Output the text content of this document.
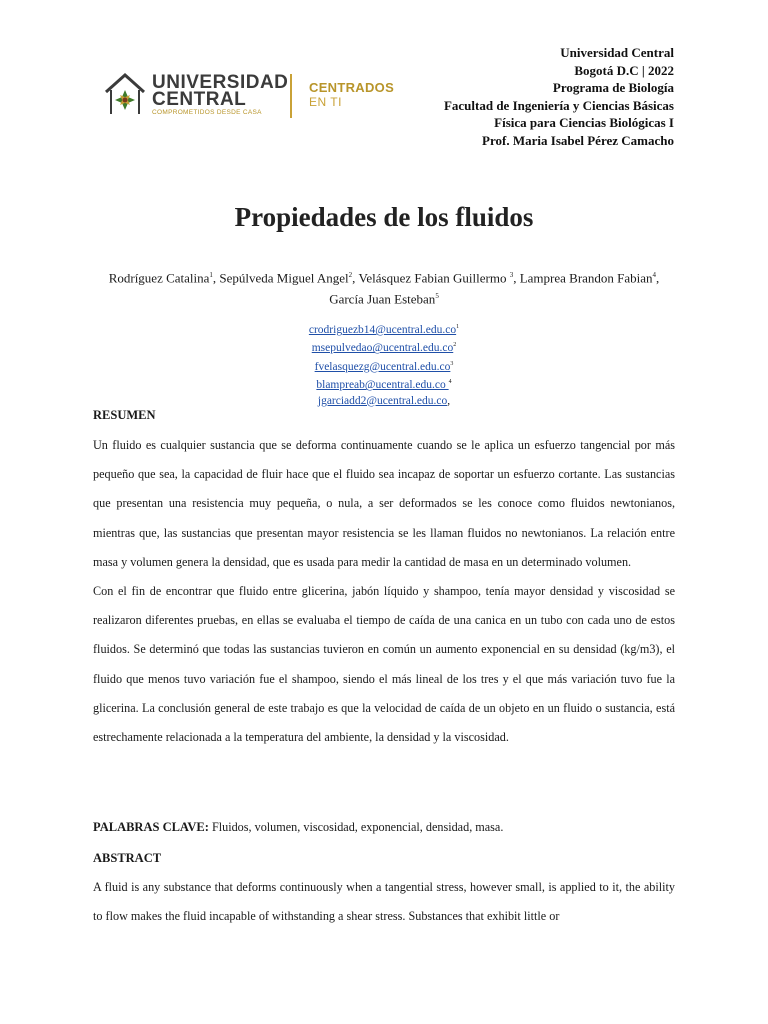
UNIVERSIDAD
CENTRAL
COMPROMETIDOS DESDE CASA
CENTRADOS
EN TI
Universidad Central
Bogotá D.C | 2022
Programa de Biología
Facultad de Ingeniería y Ciencias Básicas
Física para Ciencias Biológicas I
Prof. Maria Isabel Pérez Camacho
Propiedades de los fluidos
Rodríguez Catalina$^1$, Sepúlveda Miguel Angel$^2$, Velásquez Fabian Guillermo $^3$, Lamprea Brandon Fabian$^4$, García Juan Esteban$^5$
$crodriguezb14@ucentral.edu.co^1$
$msepulvedao@ucentral.edu.co^2$
$fvelasquezg@ucentral.edu.co^3$
blampreab@ucentral.edu.co $^4$
jgarciadd2@ucentral.edu.co,
RESUMEN

Un fluido es cualquier sustancia que se deforma continuamente cuando se le aplica un esfuerzo tangencial por más pequeño que sea, la capacidad de fluir hace que el fluido sea incapaz de soportar un esfuerzo cortante. Las sustancias que presentan una resistencia muy pequeña, o nula, a ser deformados se les conoce como fluidos newtonianos, mientras que, las sustancias que presentan mayor resistencia se les llaman fluidos no newtonianos. La relación entre masa y volumen genera la densidad, que es usada para medir la cantidad de masa en un determinado volumen.

Con el fin de encontrar que fluido entre glicerina, jabón líquido y shampoo, tenía mayor densidad y viscosidad se realizaron diferentes pruebas, en ellas se evaluaba el tiempo de caída de una canica en un tubo con cada uno de estos fluidos. Se determinó que todas las sustancias tuvieron en común un aumento exponencial en su densidad (kg/m3), el fluido que menos tuvo variación fue el shampoo, siendo el más lineal de los tres y el que más variación tuvo fue la glicerina. La conclusión general de este trabajo es que la velocidad de caída de un objeto en un fluido o sustancia, está estrechamente relacionada a la temperatura del ambiente, la densidad y la viscosidad.

PALABRAS CLAVE: Fluidos, volumen, viscosidad, exponencial, densidad, masa.
ABSTRACT

A fluid is any substance that deforms continuously when a tangential stress, however small, is applied to it, the ability to flow makes the fluid incapable of withstanding a shear stress. Substances that exhibit little or
